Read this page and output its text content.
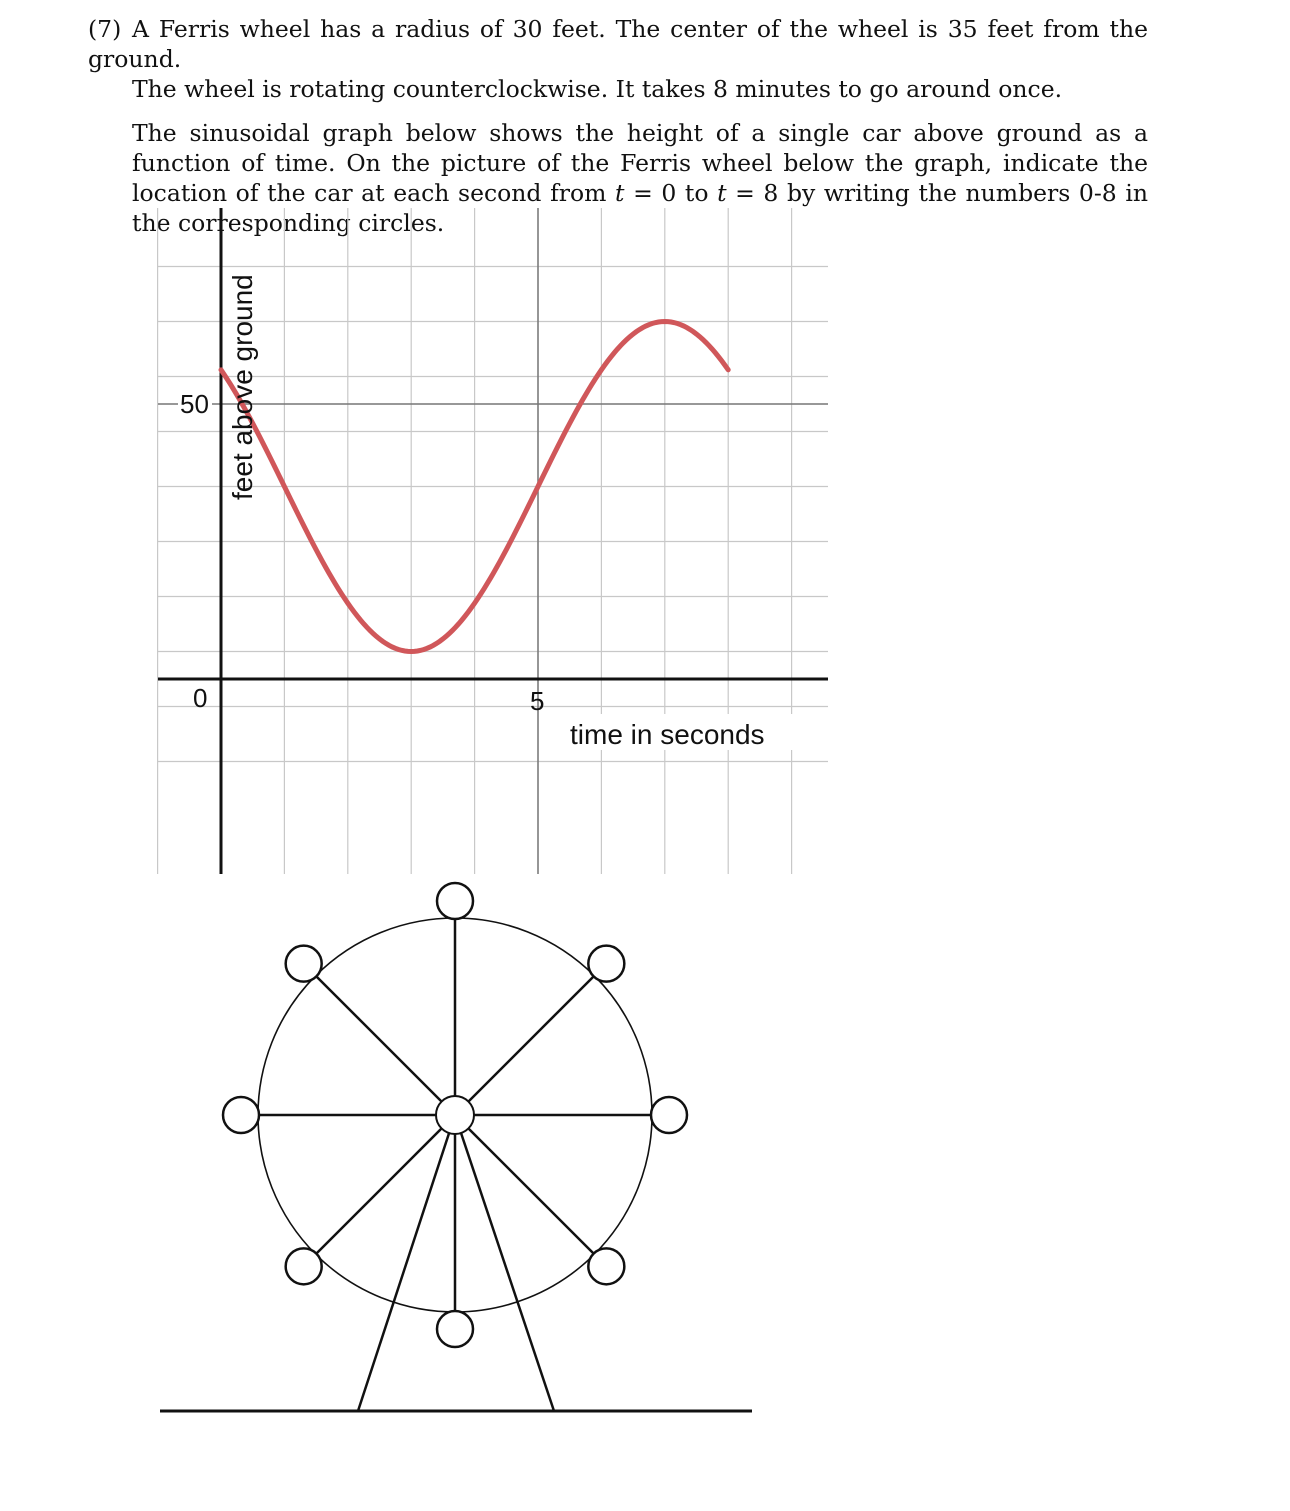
(7) A Ferris wheel has a radius of 30 feet. The center of the wheel is 35 feet from the ground.
The wheel is rotating counterclockwise. It takes 8 minutes to go around once.

The sinusoidal graph below shows the height of a single car above ground as a function of time. On the picture of the Ferris wheel below the graph, indicate the location of the car at each second from t = 0 to t = 8 by writing the numbers 0-8 in the corresponding circles.

0
50
5
feet above ground
time in seconds
